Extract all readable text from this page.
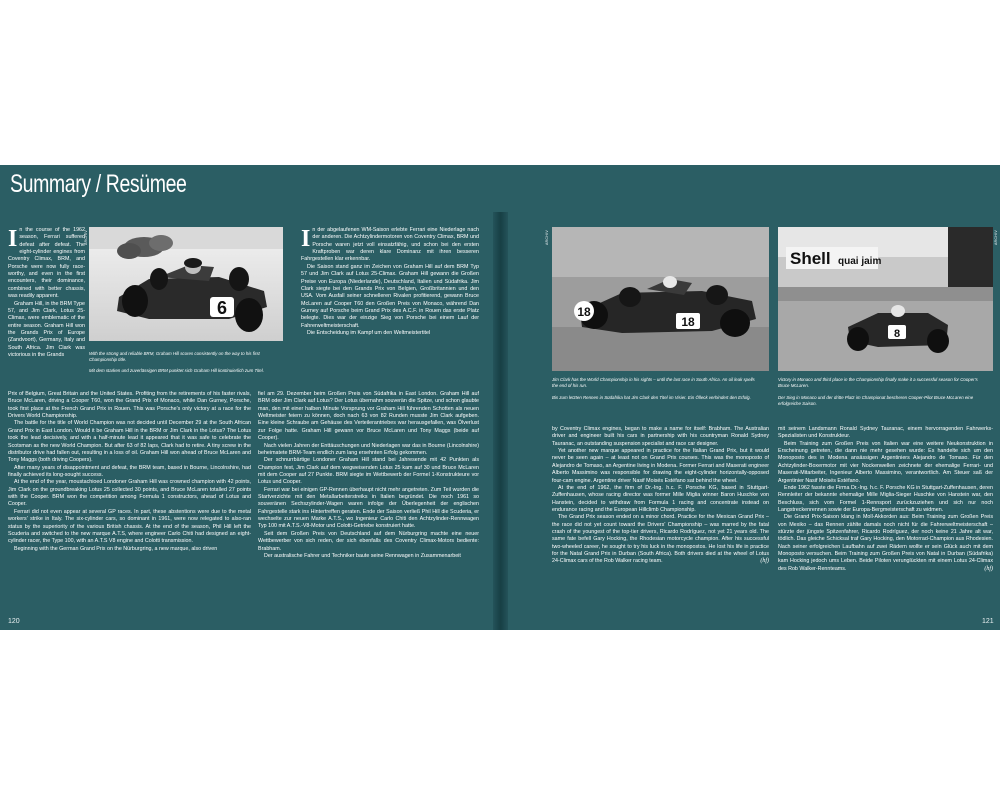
Summary / Resümee

In the course of the 1962 season, Ferrari suffered defeat after defeat. The eight-cylinder engines from Coventry Climax, BRM, and Porsche were now fully race-worthy, and even in the first encounters, their dominance, combined with better chassis, was readily apparent.

Graham Hill, in the BRM Type 57, and Jim Clark, Lotus 25-Climax, were emblematic of the entire season. Graham Hill won the Grands Prix of Europe (Zandvoort), Germany, Italy and South Africa. Jim Clark was victorious in the Grands

6
ARCHIV
With the strong and reliable BRM, Graham Hill scores consistently on the way to his first Championship title.
Mit dem starken und zuverlässigen BRM punktet sich Graham Hill kontinuierlich zum Titel.

Prix of Belgium, Great Britain and the United States. Profiting from the retirements of his faster rivals, Bruce McLaren, driving a Cooper T60, won the Grand Prix of Monaco, while Dan Gurney, Porsche, took first place at the French Grand Prix in Rouen. This was Porsche's only victory at a race for the Drivers World Championship.

The battle for the title of World Champion was not decided until December 29 at the South African Grand Prix in East London. Would it be Graham Hill in the BRM or Jim Clark in the Lotus? The Lotus took the lead decisively, and with a half-minute lead it appeared that it was safe to celebrate the Scotsman as the new World Champion. But after 63 of 82 laps, Clark had to retire. A tiny screw in the distributor drive had fallen out, resulting in a loss of oil. Graham Hill won ahead of Bruce McLaren and Tony Maggs (both driving Coopers).

After many years of disappointment and defeat, the BRM team, based in Bourne, Lincolnshire, had finally achieved its long-sought success.

At the end of the year, moustachioed Londoner Graham Hill was crowned champion with 42 points, Jim Clark on the groundbreaking Lotus 25 collected 30 points, and Bruce McLaren totalled 27 points with the Cooper. BRM won the competition among Formula 1 constructors, ahead of Lotus and Cooper.

Ferrari did not even appear at several GP races. In part, these abstentions were due to the metal workers' strike in Italy. The six-cylinder cars, so dominant in 1961, were now relegated to also-ran status by the superiority of the various British chassis. At the end of the season, Phil Hill left the Scuderia and switched to the new marque A.T.S, where engineer Carlo Chiti had designed an eight-cylinder racer, the Type 100, with an A.T.S V8 engine and Colotti transmission.

Beginning with the German Grand Prix on the Nürburgring, a new marque, also driven

In der abgelaufenen WM-Saison erlebte Ferrari eine Niederlage nach der anderen. Die Achtzylindermotoren von Coventry Climax, BRM und Porsche waren jetzt voll einsatzfähig, und schon bei den ersten Kraftproben war deren klare Dominanz mit ihren besseren Fahrgestellen klar erkennbar.

Die Saison stand ganz im Zeichen von Graham Hill auf dem BRM Typ 57 und Jim Clark auf Lotus 25-Climax. Graham Hill gewann die Großen Preise von Europa (Niederlande), Deutschland, Italien und Südafrika. Jim Clark siegte bei den Grands Prix von Belgien, Großbritannien und den USA. Vom Ausfall seiner schnelleren Rivalen profitierend, gewann Bruce McLaren auf Cooper T60 den Großen Preis von Monaco, während Dan Gurney auf Porsche beim Grand Prix des A.C.F. in Rouen das erste Platz belegte. Dies war der einzige Sieg von Porsche bei einem Lauf der Fahrerweltmeisterschaft.

Die Entscheidung im Kampf um den Weltmeistertitel

fiel am 29. Dezember beim Großen Preis von Südafrika in East London. Graham Hill auf BRM oder Jim Clark auf Lotus? Der Lotus übernahm souverän die Spitze, und schon glaubte man, den mit einer halben Minute Vorsprung vor Graham Hill führenden Schotten als neuen Weltmeister feiern zu können, doch nach 63 von 82 Runden musste Jim Clark aufgeben. Eine kleine Schraube am Gehäuse des Verteilerantriebes war herausgefallen, was Ölverlust zur Folge hatte. Graham Hill gewann vor Bruce McLaren und Tony Maggs (beide auf Cooper).

Nach vielen Jahren der Enttäuschungen und Niederlagen war das in Bourne (Lincolnshire) beheimatete BRM-Team endlich zum lang ersehnten Erfolg gekommen.

Der schnurrbärtige Londoner Graham Hill stand bei Jahresende mit 42 Punkten als Champion fest, Jim Clark auf dem wegweisenden Lotus 25 kam auf 30 und Bruce McLaren mit dem Cooper auf 27 Punkte. BRM siegte im Wettbewerb der Formel 1-Konstrukteure vor Lotus und Cooper.

Ferrari war bei einigen GP-Rennen überhaupt nicht mehr angetreten. Zum Teil wurden die Startverzichte mit den Metallarbeiterstreiks in Italien begründet. Die noch 1961 so souveränen Sechszylinder-Wagen waren infolge der Überlegenheit der englischen Fahrgestelle stark ins Hintertreffen geraten. Ende der Saison verließ Phil Hill die Scuderia, er wechselte zur neuen Marke A.T.S., wo Ingenieur Carlo Chiti den Achtzylinder-Rennwagen Typ 100 mit A.T.S.-V8-Motor und Colotti-Getriebe konstruiert hatte.

Seit dem Großen Preis von Deutschland auf dem Nürburgring machte eine neuer Wettbewerber von sich reden, der sich ebenfalls des Coventry Climax-Motors bediente: Brabham.

Der australische Fahrer und Techniker baute seine Rennwagen in Zusammenarbeit

120
18
18
ARCHIV
Shell quai jaim
8
ARCHIV
Jim Clark has the World Championship in his sights – until the last race in South Africa. An oil leak spells the end of his run.
Bis zum letzten Rennen in Südafrika hat Jim Clark den Titel im Visier. Ein Ölleck verhindert den Erfolg.
Victory in Monaco and third place in the Championship finally make it a successful season for Cooper's Bruce McLaren.
Der Sieg in Monaco und der dritte Platz im Championat bescheren Cooper-Pilot Bruce McLaren eine erfolgreiche Saison.

by Coventry Climax engines, began to make a name for itself: Brabham. The Australian driver and engineer built his cars in partnership with his countryman Ronald Sydney Tauranac, an outstanding suspension specialist and race car designer.

Yet another new marque appeared in practice for the Italian Grand Prix, but it would never be seen again – at least not on Grand Prix courses. This was the monoposto of Alejandro de Tomaso, an Argentine living in Modena. Former Ferrari and Maserati engineer Alberto Massimino was responsible for drawing the eight-cylinder horizontally-opposed four-cam engine. Argentine driver Nasif Moisés Estéfano sat behind the wheel.

At the end of 1962, the firm of Dr.-Ing. h.c. F. Porsche KG, based in Stuttgart-Zuffenhausen, whose racing director was former Mille Miglia winner Baron Huschke von Hanstein, decided to withdraw from Formula 1 racing and concentrate instead on endurance racing and the European Hillclimb Championship.

The Grand Prix season ended on a minor chord. Practice for the Mexican Grand Prix – the race did not yet count toward the Drivers' Championship – was marred by the fatal crash of the youngest of the top-tier drivers, Ricardo Rodríguez, not yet 21 years old. The same fate befell Gary Hocking, the Rhodesian motorcycle champion. After his successful two-wheeled career, he sought to try his luck in the monopostos. He lost his life in practice for the Natal Grand Prix in Durban (South Africa). Both drivers died at the wheel of Lotus 24-Climax cars of the Rob Walker racing team.	(hf)

mit seinem Landsmann Ronald Sydney Tauranac, einem hervorragenden Fahrwerks-Spezialisten und Konstrukteur.

Beim Training zum Großen Preis von Italien war eine weitere Neukonstruktion in Erscheinung getreten, die dann nie mehr gesehen wurde: Es handelte sich um den Monoposto des in Modena ansässigen Argentiniers Alejandro de Tomaso. Für den Achtzylinder-Boxermotor mit vier Nockenwellen zeichnete der ehemalige Ferrari- und Maserati-Mitarbeiter, Ingenieur Alberto Massimino, verantwortlich. Am Steuer saß der Argentinier Nasif Moisés Estéfano.

Ende 1962 fasste die Firma Dr.-Ing. h.c. F. Porsche KG in Stuttgart-Zuffenhausen, deren Rennleiter der bekannte ehemalige Mille Miglia-Sieger Huschke von Hanstein war, den Beschluss, sich vom Formel 1-Rennsport zurückzuziehen und sich nur noch Langstreckenrennen sowie der Europa-Bergmeisterschaft zu widmen.

Die Grand Prix-Saison klang in Moll-Akkorden aus: Beim Training zum Großen Preis von Mexiko – das Rennen zählte damals noch nicht für die Fahrerweltmeisterschaft – stürzte der jüngste Spitzenfahrer, Ricardo Rodríguez, der noch keine 21 Jahre alt war, tödlich. Das gleiche Schicksal traf Gary Hocking, den Motorrad-Champion aus Rhodesien. Nach seiner erfolgreichen Laufbahn auf zwei Rädern wollte er sein Glück auch mit dem Monoposto versuchen. Beim Training zum Großen Preis von Natal in Durban (Südafrika) kam Hocking jedoch ums Leben. Beide Piloten verunglückten mit einem Lotus 24-Climax des Rob Walker-Rennteams.	(hf)

121
